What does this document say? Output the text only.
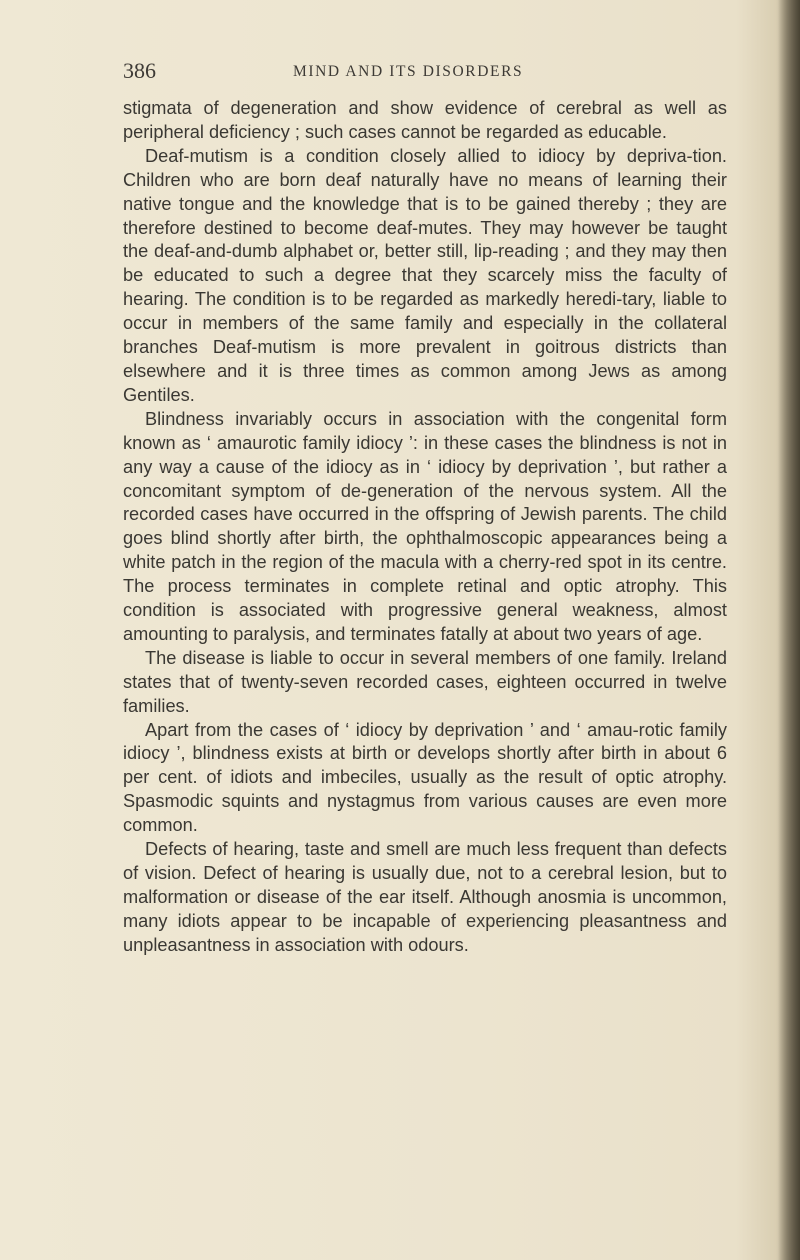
386	MIND AND ITS DISORDERS

stigmata of degeneration and show evidence of cerebral as well as peripheral deficiency ; such cases cannot be regarded as educable.

Deaf-mutism is a condition closely allied to idiocy by depriva-tion. Children who are born deaf naturally have no means of learning their native tongue and the knowledge that is to be gained thereby ; they are therefore destined to become deaf-mutes. They may however be taught the deaf-and-dumb alphabet or, better still, lip-reading ; and they may then be educated to such a degree that they scarcely miss the faculty of hearing. The condition is to be regarded as markedly heredi-tary, liable to occur in members of the same family and especially in the collateral branches Deaf-mutism is more prevalent in goitrous districts than elsewhere and it is three times as common among Jews as among Gentiles.

Blindness invariably occurs in association with the congenital form known as ‘ amaurotic family idiocy ’: in these cases the blindness is not in any way a cause of the idiocy as in ‘ idiocy by deprivation ’, but rather a concomitant symptom of de-generation of the nervous system. All the recorded cases have occurred in the offspring of Jewish parents. The child goes blind shortly after birth, the ophthalmoscopic appearances being a white patch in the region of the macula with a cherry-red spot in its centre. The process terminates in complete retinal and optic atrophy. This condition is associated with progressive general weakness, almost amounting to paralysis, and terminates fatally at about two years of age.

The disease is liable to occur in several members of one family. Ireland states that of twenty-seven recorded cases, eighteen occurred in twelve families.

Apart from the cases of ‘ idiocy by deprivation ’ and ‘ amau-rotic family idiocy ’, blindness exists at birth or develops shortly after birth in about 6 per cent. of idiots and imbeciles, usually as the result of optic atrophy. Spasmodic squints and nystagmus from various causes are even more common.

Defects of hearing, taste and smell are much less frequent than defects of vision. Defect of hearing is usually due, not to a cerebral lesion, but to malformation or disease of the ear itself. Although anosmia is uncommon, many idiots appear to be incapable of experiencing pleasantness and unpleasantness in association with odours.
